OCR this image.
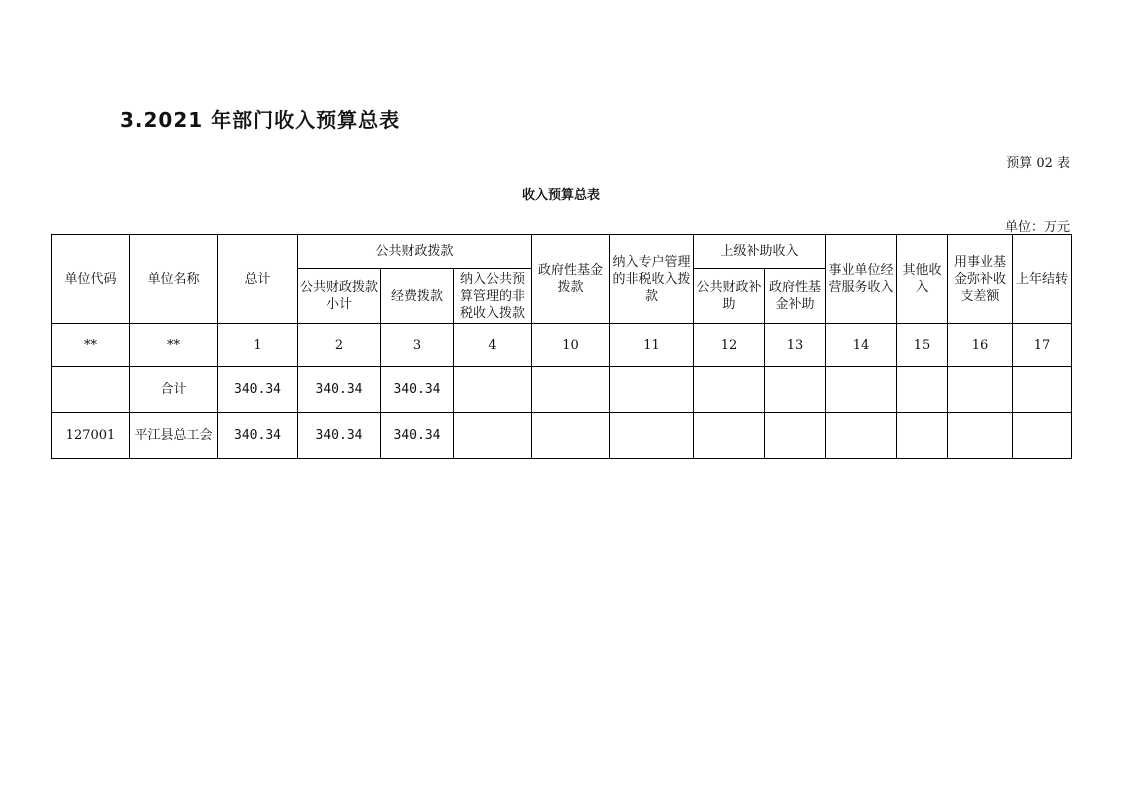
3.2021 年部门收入预算总表
预算 02 表
收入预算总表
单位：万元
单位代码	单位名称	总计	公共财政拨款			政府性基金拨款	纳入专户管理的非税收入拨款	上级补助收入		事业单位经营服务收入	其他收入	用事业基金弥补收支差额	上年结转
			公共财政拨款小计	经费拨款	纳入公共预算管理的非税收入拨款								
								公共财政补助	政府性基金补助				
**	**	1	2	3	4	10	11	12	13	14	15	16	17
	合计	340.34	340.34	340.34									
127001	平江县总工会	340.34	340.34	340.34									
